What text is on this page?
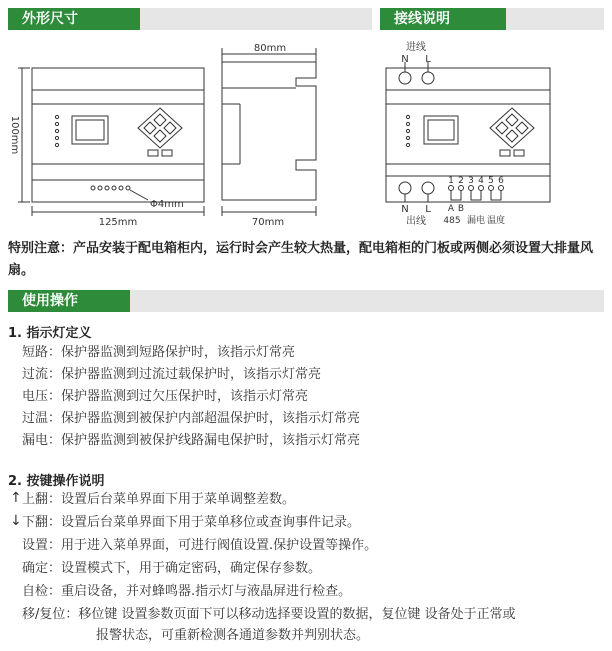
外形尺寸	接线说明
80mm
100mm
125mm	70mm
Φ4mm
进线
N L
N L
出线
1 2 3 4 5 6
A B
485 漏电 温度
特别注意：产品安装于配电箱柜内，运行时会产生较大热量，配电箱柜的门板或两侧必须设置大排量风扇。
使用操作
1. 指示灯定义
短路：保护器监测到短路保护时，该指示灯常亮
过流：保护器监测到过流过载保护时，该指示灯常亮
电压：保护器监测到过欠压保护时，该指示灯常亮
过温：保护器监测到被保护内部超温保护时，该指示灯常亮
漏电：保护器监测到被保护线路漏电保护时，该指示灯常亮
2. 按键操作说明
↑ 上翻：设置后台菜单界面下用于菜单调整差数。
↓ 下翻：设置后台菜单界面下用于菜单移位或查询事件记录。
设置：用于进入菜单界面，可进行阀值设置.保护设置等操作。
确定：设置模式下，用于确定密码，确定保存参数。
自检：重启设备，并对蜂鸣器.指示灯与液晶屏进行检查。
移/复位：移位键 设置参数页面下可以移动选择要设置的数据，复位键 设备处于正常或
报警状态，可重新检测各通道参数并判别状态。
